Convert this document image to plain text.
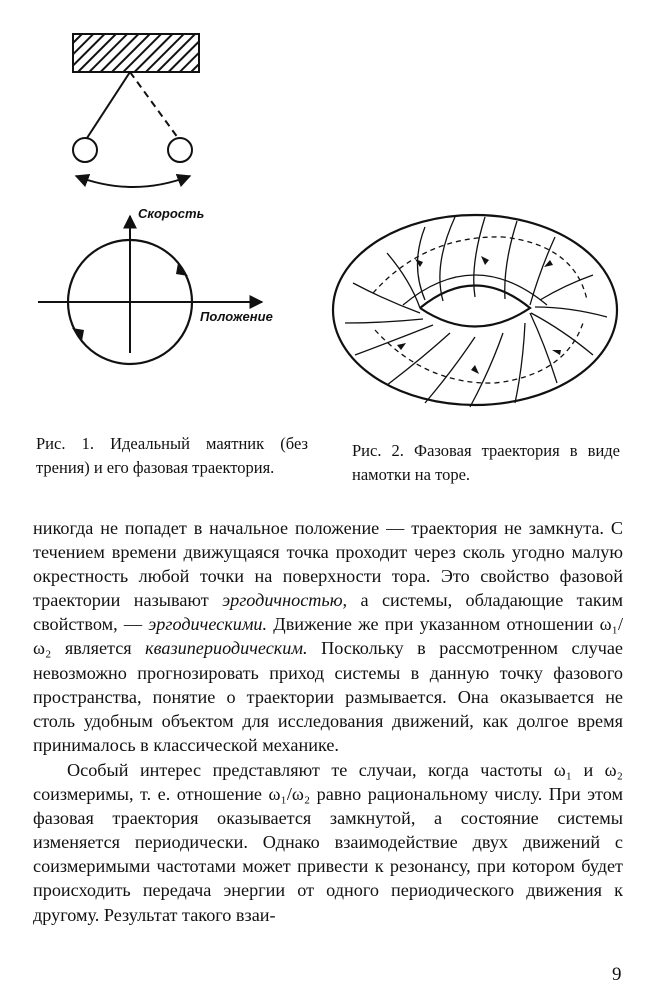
Скорость
Положение
Рис. 1. Идеальный маятник (без трения) и его фазовая траектория.
Рис. 2. Фазовая траектория в виде намотки на торе.

никогда не попадет в начальное положение — траектория не замкнута. С течением времени движущаяся точка проходит через сколь угодно малую окрестность любой точки на поверхности тора. Это свойство фазовой траектории называют эргодичностью, а системы, обладающие таким свойством, — эргодическими. Движение же при указанном отношении ω₁/ω₂ является квазипериодическим. Поскольку в рассмотренном случае невозможно прогнозировать приход системы в данную точку фазового пространства, понятие о траектории размывается. Она оказывается не столь удобным объектом для исследования движений, как долгое время принималось в классической механике.

Особый интерес представляют те случаи, когда частоты ω₁ и ω₂ соизмеримы, т. е. отношение ω₁/ω₂ равно рациональному числу. При этом фазовая траектория оказывается замкнутой, а состояние системы изменяется периодически. Однако взаимодействие двух движений с соизмеримыми частотами может привести к резонансу, при котором будет происходить передача энергии от одного периодического движения к другому. Результат такого взаи-

9
